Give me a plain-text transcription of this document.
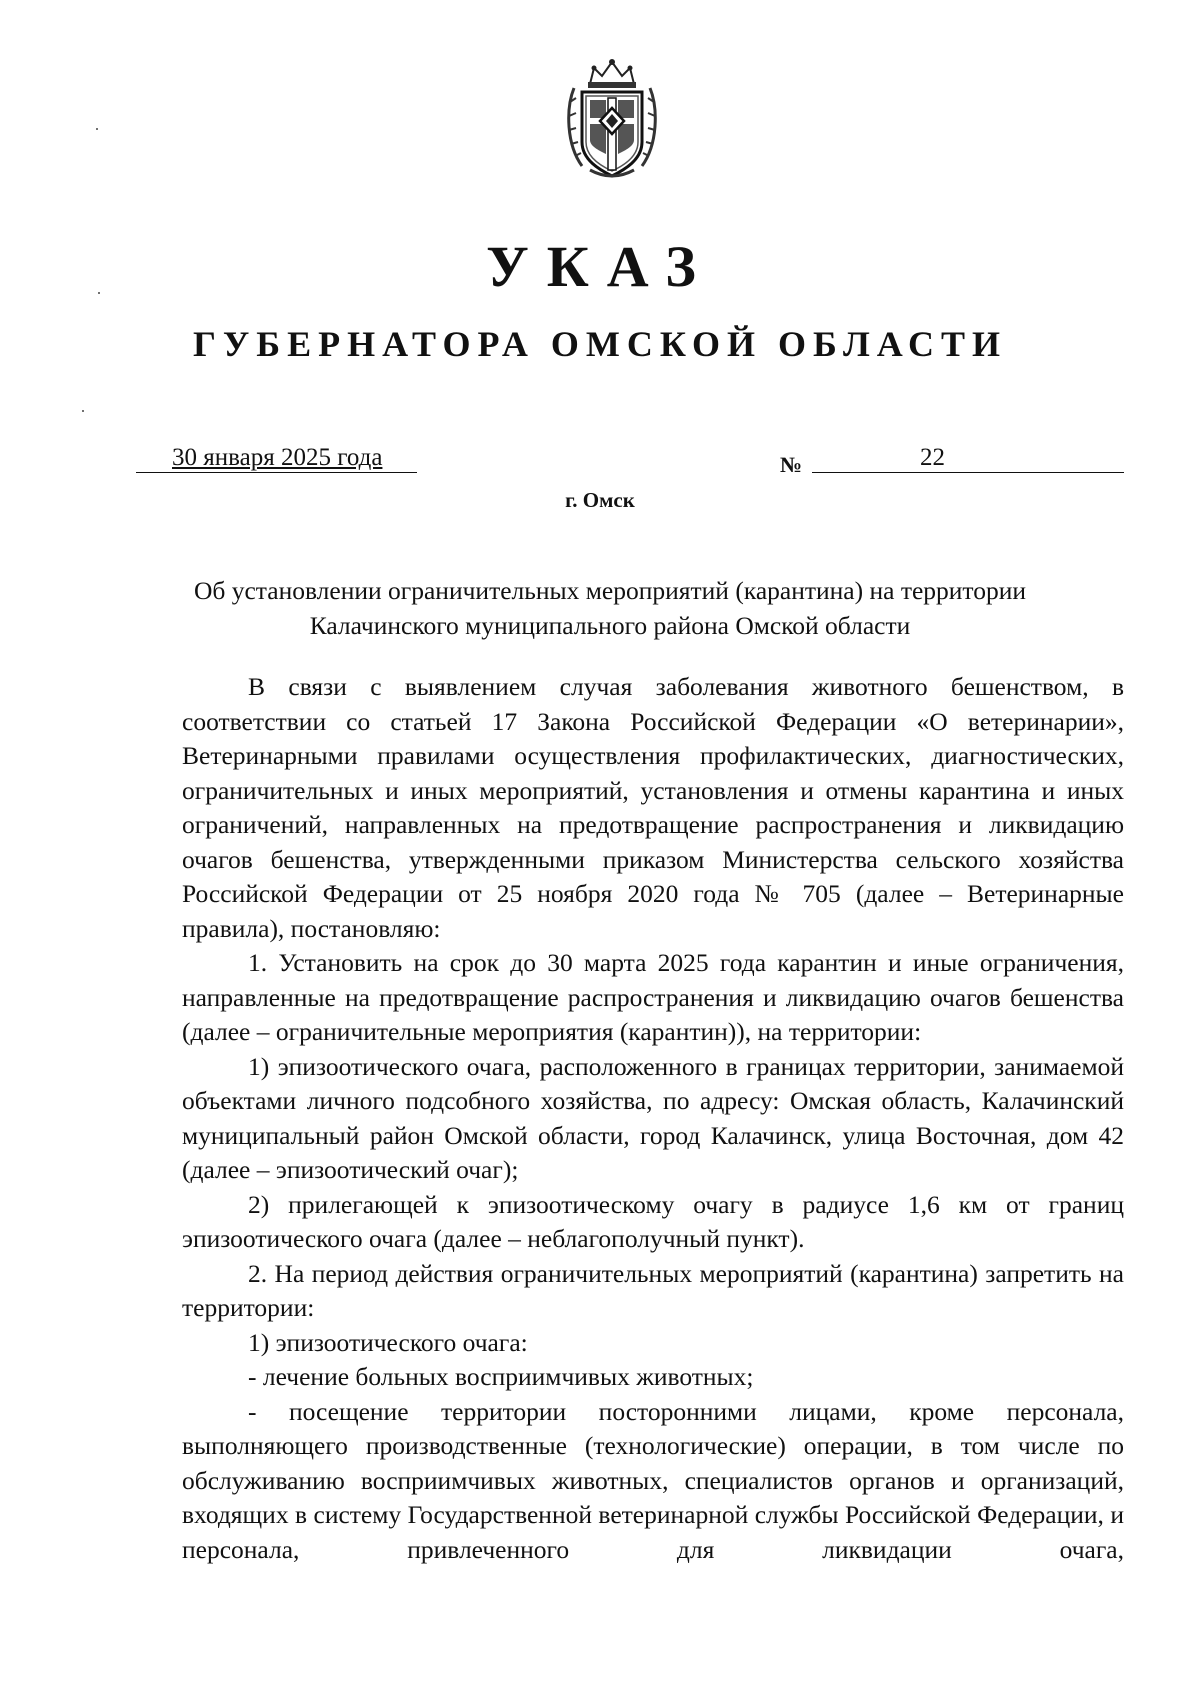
УКАЗ
ГУБЕРНАТОРА ОМСКОЙ ОБЛАСТИ
30 января 2025 года	№	22
г. Омск
Об установлении ограничительных мероприятий (карантина) на территории
Калачинского муниципального района Омской области

В связи с выявлением случая заболевания животного бешенством, в соответствии со статьей 17 Закона Российской Федерации «О ветеринарии», Ветеринарными правилами осуществления профилактических, диагностических, ограничительных и иных мероприятий, установления и отмены карантина и иных ограничений, направленных на предотвращение распространения и ликвидацию очагов бешенства, утвержденными приказом Министерства сельского хозяйства Российской Федерации от 25 ноября 2020 года № 705 (далее – Ветеринарные правила), постановляю:

1. Установить на срок до 30 марта 2025 года карантин и иные ограничения, направленные на предотвращение распространения и ликвидацию очагов бешенства (далее – ограничительные мероприятия (карантин)), на территории:

1) эпизоотического очага, расположенного в границах территории, занимаемой объектами личного подсобного хозяйства, по адресу: Омская область, Калачинский муниципальный район Омской области, город Калачинск, улица Восточная, дом 42 (далее – эпизоотический очаг);

2) прилегающей к эпизоотическому очагу в радиусе 1,6 км от границ эпизоотического очага (далее – неблагополучный пункт).

2. На период действия ограничительных мероприятий (карантина) запретить на территории:

1) эпизоотического очага:

- лечение больных восприимчивых животных;

- посещение территории посторонними лицами, кроме персонала, выполняющего производственные (технологические) операции, в том числе по обслуживанию восприимчивых животных, специалистов органов и организаций, входящих в систему Государственной ветеринарной службы Российской Федерации, и персонала, привлеченного для ликвидации очага,
